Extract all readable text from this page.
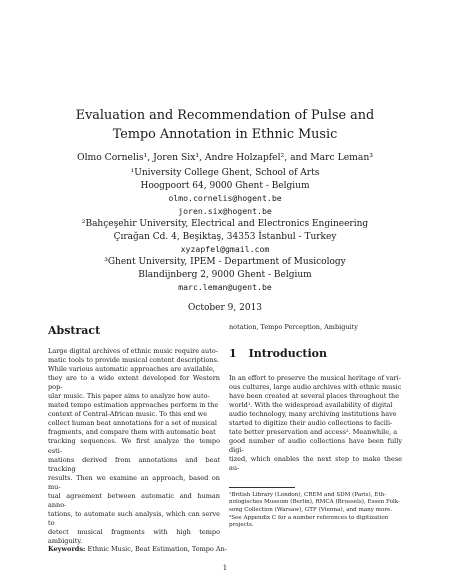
Evaluation and Recommendation of Pulse and Tempo Annotation in Ethnic Music
Olmo Cornelis¹, Joren Six¹, Andre Holzapfel², and Marc Leman³
¹University College Ghent, School of Arts
Hoogpoort 64, 9000 Ghent - Belgium
olmo.cornelis@hogent.be
joren.six@hogent.be
²Bahçeşehir University, Electrical and Electronics Engineering
Çırağan Cd. 4, Beşiktaş, 34353 İstanbul - Turkey
xyzapfel@gmail.com
³Ghent University, IPEM - Department of Musicology
Blandijnberg 2, 9000 Ghent - Belgium
marc.leman@ugent.be
October 9, 2013
Abstract
Large digital archives of ethnic music require auto-
matic tools to provide musical content descriptions.
While various automatic approaches are available,
they are to a wide extent developed for Western pop-
ular music. This paper aims to analyze how auto-
mated tempo estimation approaches perform in the
context of Central-African music. To this end we
collect human beat annotations for a set of musical
fragments, and compare them with automatic beat
tracking sequences. We first analyze the tempo esti-
mations derived from annotations and beat tracking
results. Then we examine an approach, based on mu-
tual agreement between automatic and human anno-
tations, to automate such analysis, which can serve to
detect musical fragments with high tempo ambiguity.
Keywords: Ethnic Music, Beat Estimation, Tempo An-
notation, Tempo Perception, Ambiguity
1 Introduction
In an effort to preserve the musical heritage of vari-
ous cultures, large audio archives with ethnic music
have been created at several places throughout the
world¹. With the widespread availability of digital
audio technology, many archiving institutions have
started to digitize their audio collections to facili-
tate better preservation and access². Meanwhile, a
good number of audio collections have been fully digi-
tized, which enables the next step to make these au-
¹British Library (London), CREM and SDM (Paris), Eth-
nologisches Museum (Berlin), RMCA (Brussels), Essen Folk-
song Collection (Warsaw), GTF (Vienna), and many more.
²See Appendix C for a number references to digitization
projects.
1
